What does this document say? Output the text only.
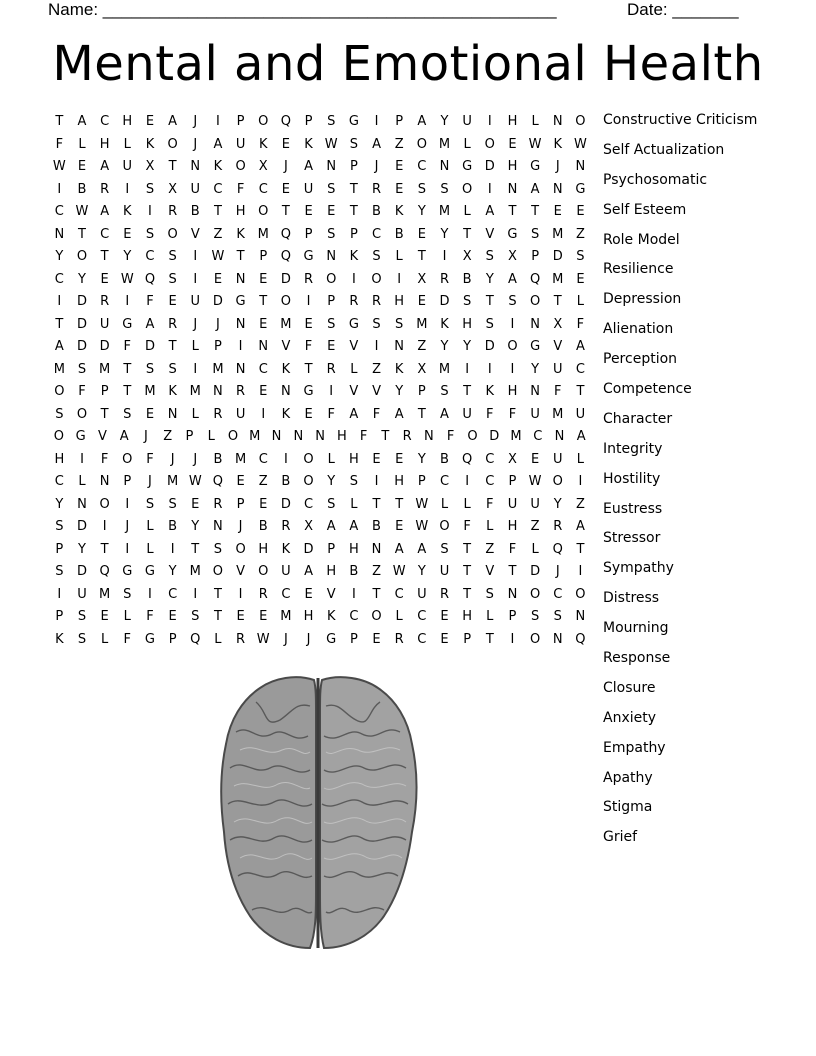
Name: ________________________________________________	Date: _______
Mental and Emotional Health
T	A	C	H	E	A	J	I	P	O Q	P	S	G	I	P	A	Y	U	I	H	L	N O
F	L	H	L	K	O	J	A	U	K	E	K W S	A	Z	O M	L	O	E W K W
W E	A	U	X	T	N	K	O	X	J	A	N	P	J	E	C	N G D H G	J	N
I	B	R	I	S	X	U	C	F	C	E	U	S	T	R	E	S	S	O	I	N	A	N G
C W A	K	I	R	B	T	H O	T	E	E	T	B	K	Y	M	L	A	T	T	E	E
N	T	C	E	S	O	V	Z	K M Q	P	S	P	C	B	E	Y	T	V	G	S M Z
Y	O	T	Y	C	S	I	W T	P	Q G N	K	S	L	T	I	X	S	X	P	D	S
C	Y	E W Q	S	I	E	N	E	D	R	O	I	O	I	X	R	B	Y	A	Q M E
I	D	R	I	F	E	U D G	T	O	I	P	R	R	H	E	D	S	T	S	O	T	L
T	D U G	A	R	J	J	N	E M E	S	G	S	S M K	H	S	I	N	X	F
A	D D	F	D	T	L	P	I	N	V	F	E	V	I	N	Z	Y	Y	D O G	V	A
M S M	T	S	S	I	M N	C	K	T	R	L	Z	K	X M	I	I	I	Y	U	C
O	F	P	T	M K M N	R	E	N G	I	V	V	Y	P	S	T	K	H N	F	T
S	O	T	S	E	N	L	R	U	I	K	E	F	A	F	A	T	A	U	F	F	U M U
O G V A	J	Z	P	L	O M N N N H	F	T	R N	F O D M C N A
H	I	F	O	F	J	J	B M C	I	O	L	H	E	E	Y	B	Q	C	X	E	U	L
C	L	N	P	J	M W Q	E	Z	B	O	Y	S	I	H	P	C	I	C	P W O	I
Y	N O	I	S	S	E	R	P	E	D	C	S	L	T	T W L	L	F	U	U	Y	Z
S	D	I	J	L	B	Y	N	J	B	R	X	A	A	B	E W O	F	L	H	Z	R	A
P	Y	T	I	L	I	T	S	O H	K	D	P	H N	A	A	S	T	Z	F	L	Q	T
S	D Q G G	Y	M O	V	O U	A	H	B	Z W Y	U	T	V	T	D	J	I
I	U M S	I	C	I	T	I	R	C	E	V	I	T	C	U	R	T	S	N O	C	O
P	S	E	L	F	E	S	T	E	E M H	K	C	O	L	C	E	H	L	P	S	S	N
K	S	L	F	G	P	Q	L	R W	J	J	G	P	E	R	C	E	P	T	I	O N Q
Constructive Criticism
Self Actualization
Psychosomatic
Self Esteem
Role Model
Resilience
Depression
Alienation
Perception
Competence
Character
Integrity
Hostility
Eustress
Stressor
Sympathy
Distress
Mourning
Response
Closure
Anxiety
Empathy
Apathy
Stigma
Grief
